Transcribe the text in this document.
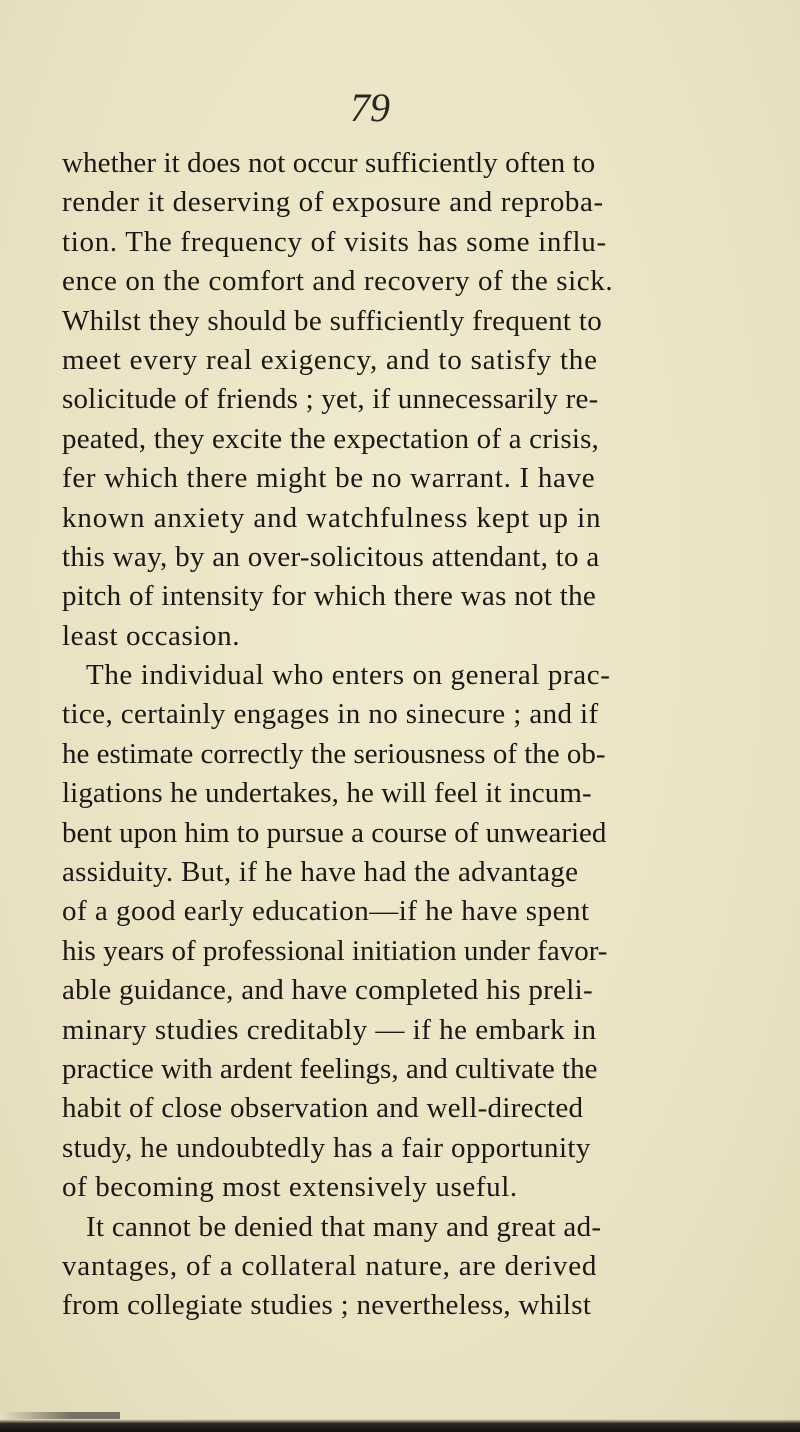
79
whether it does not occur sufficiently often to
render it deserving of exposure and reproba-
tion. The frequency of visits has some influ-
ence on the comfort and recovery of the sick.
Whilst they should be sufficiently frequent to
meet every real exigency, and to satisfy the
solicitude of friends ; yet, if unnecessarily re-
peated, they excite the expectation of a crisis,
fer which there might be no warrant. I have
known anxiety and watchfulness kept up in
this way, by an over-solicitous attendant, to a
pitch of intensity for which there was not the
least occasion.
The individual who enters on general prac-
tice, certainly engages in no sinecure ; and if
he estimate correctly the seriousness of the ob-
ligations he undertakes, he will feel it incum-
bent upon him to pursue a course of unwearied
assiduity. But, if he have had the advantage
of a good early education—if he have spent
his years of professional initiation under favor-
able guidance, and have completed his preli-
minary studies creditably — if he embark in
practice with ardent feelings, and cultivate the
habit of close observation and well-directed
study, he undoubtedly has a fair opportunity
of becoming most extensively useful.
It cannot be denied that many and great ad-
vantages, of a collateral nature, are derived
from collegiate studies ; nevertheless, whilst
